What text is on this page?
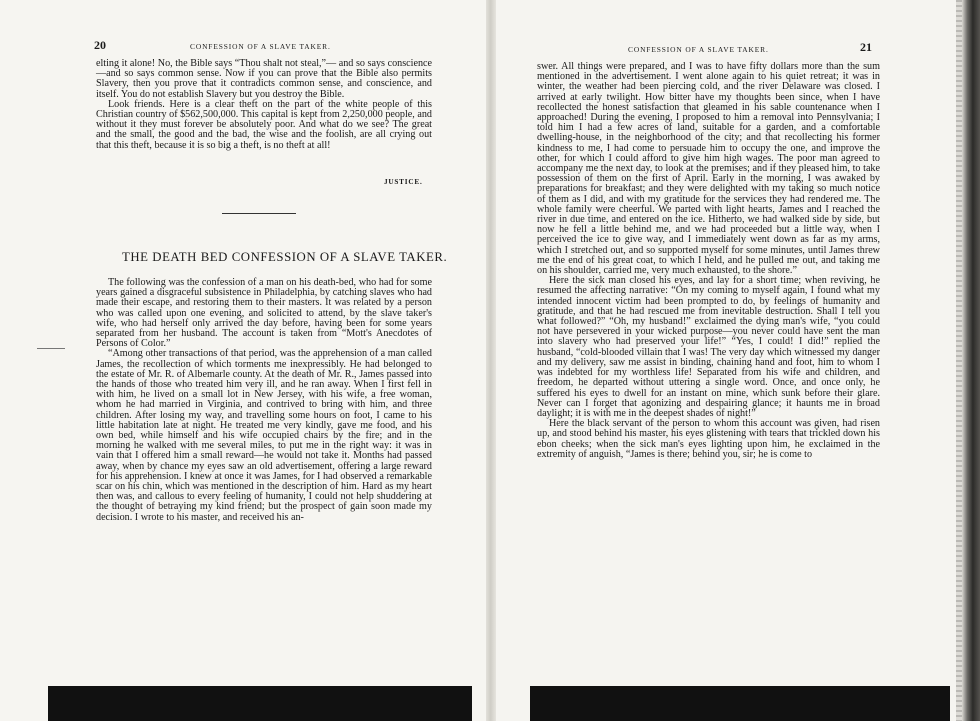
20	CONFESSION OF A SLAVE TAKER.

elting it alone! No, the Bible says “Thou shalt not steal,”— and so says conscience—and so says common sense. Now if you can prove that the Bible also permits Slavery, then you prove that it contradicts common sense, and conscience, and itself. You do not establish Slavery but you destroy the Bible.

Look friends. Here is a clear theft on the part of the white people of this Christian country of $562,500,000. This capital is kept from 2,250,000 people, and without it they must forever be absolutely poor. And what do we see? The great and the small, the good and the bad, the wise and the foolish, are all crying out that this theft, because it is so big a theft, is no theft at all!

JUSTICE.
THE DEATH BED CONFESSION OF A SLAVE TAKER.

The following was the confession of a man on his death-bed, who had for some years gained a disgraceful subsistence in Philadelphia, by catching slaves who had made their escape, and restoring them to their masters. It was related by a person who was called upon one evening, and solicited to attend, by the slave taker's wife, who had herself only arrived the day before, having been for some years separated from her husband. The account is taken from “Mott's Anecdotes of Persons of Color.”

“Among other transactions of that period, was the apprehension of a man called James, the recollection of which torments me inexpressibly. He had belonged to the estate of Mr. R. of Albemarle county. At the death of Mr. R., James passed into the hands of those who treated him very ill, and he ran away. When I first fell in with him, he lived on a small lot in New Jersey, with his wife, a free woman, whom he had married in Virginia, and contrived to bring with him, and three children. After losing my way, and travelling some hours on foot, I came to his little habitation late at night. He treated me very kindly, gave me food, and his own bed, while himself and his wife occupied chairs by the fire; and in the morning he walked with me several miles, to put me in the right way: it was in vain that I offered him a small reward—he would not take it. Months had passed away, when by chance my eyes saw an old advertisement, offering a large reward for his apprehension. I knew at once it was James, for I had observed a remarkable scar on his chin, which was mentioned in the description of him. Hard as my heart then was, and callous to every feeling of humanity, I could not help shuddering at the thought of betraying my kind friend; but the prospect of gain soon made my decision. I wrote to his master, and received his an-

CONFESSION OF A SLAVE TAKER.	21

swer. All things were prepared, and I was to have fifty dollars more than the sum mentioned in the advertisement. I went alone again to his quiet retreat; it was in winter, the weather had been piercing cold, and the river Delaware was closed. I arrived at early twilight. How bitter have my thoughts been since, when I have recollected the honest satisfaction that gleamed in his sable countenance when I approached! During the evening, I proposed to him a removal into Pennsylvania; I told him I had a few acres of land, suitable for a garden, and a comfortable dwelling-house, in the neighborhood of the city; and that recollecting his former kindness to me, I had come to persuade him to occupy the one, and improve the other, for which I could afford to give him high wages. The poor man agreed to accompany me the next day, to look at the premises; and if they pleased him, to take possession of them on the first of April. Early in the morning, I was awaked by preparations for breakfast; and they were delighted with my taking so much notice of them as I did, and with my gratitude for the services they had rendered me. The whole family were cheerful. We parted with light hearts, James and I reached the river in due time, and entered on the ice. Hitherto, we had walked side by side, but now he fell a little behind me, and we had proceeded but a little way, when I perceived the ice to give way, and I immediately went down as far as my arms, which I stretched out, and so supported myself for some minutes, until James threw me the end of his great coat, to which I held, and he pulled me out, and taking me on his shoulder, carried me, very much exhausted, to the shore.”

Here the sick man closed his eyes, and lay for a short time; when reviving, he resumed the affecting narrative: “On my coming to myself again, I found what my intended innocent victim had been prompted to do, by feelings of humanity and gratitude, and that he had rescued me from inevitable destruction. Shall I tell you what followed?” “Oh, my husband!” exclaimed the dying man's wife, “you could not have persevered in your wicked purpose—you never could have sent the man into slavery who had preserved your life!” “Yes, I could! I did!” replied the husband, “cold-blooded villain that I was! The very day which witnessed my danger and my delivery, saw me assist in binding, chaining hand and foot, him to whom I was indebted for my worthless life! Separated from his wife and children, and freedom, he departed without uttering a single word. Once, and once only, he suffered his eyes to dwell for an instant on mine, which sunk before their glare. Never can I forget that agonizing and despairing glance; it haunts me in broad daylight; it is with me in the deepest shades of night!”

Here the black servant of the person to whom this account was given, had risen up, and stood behind his master, his eyes glistening with tears that trickled down his ebon cheeks; when the sick man's eyes lighting upon him, he exclaimed in the extremity of anguish, “James is there; behind you, sir; he is come to
